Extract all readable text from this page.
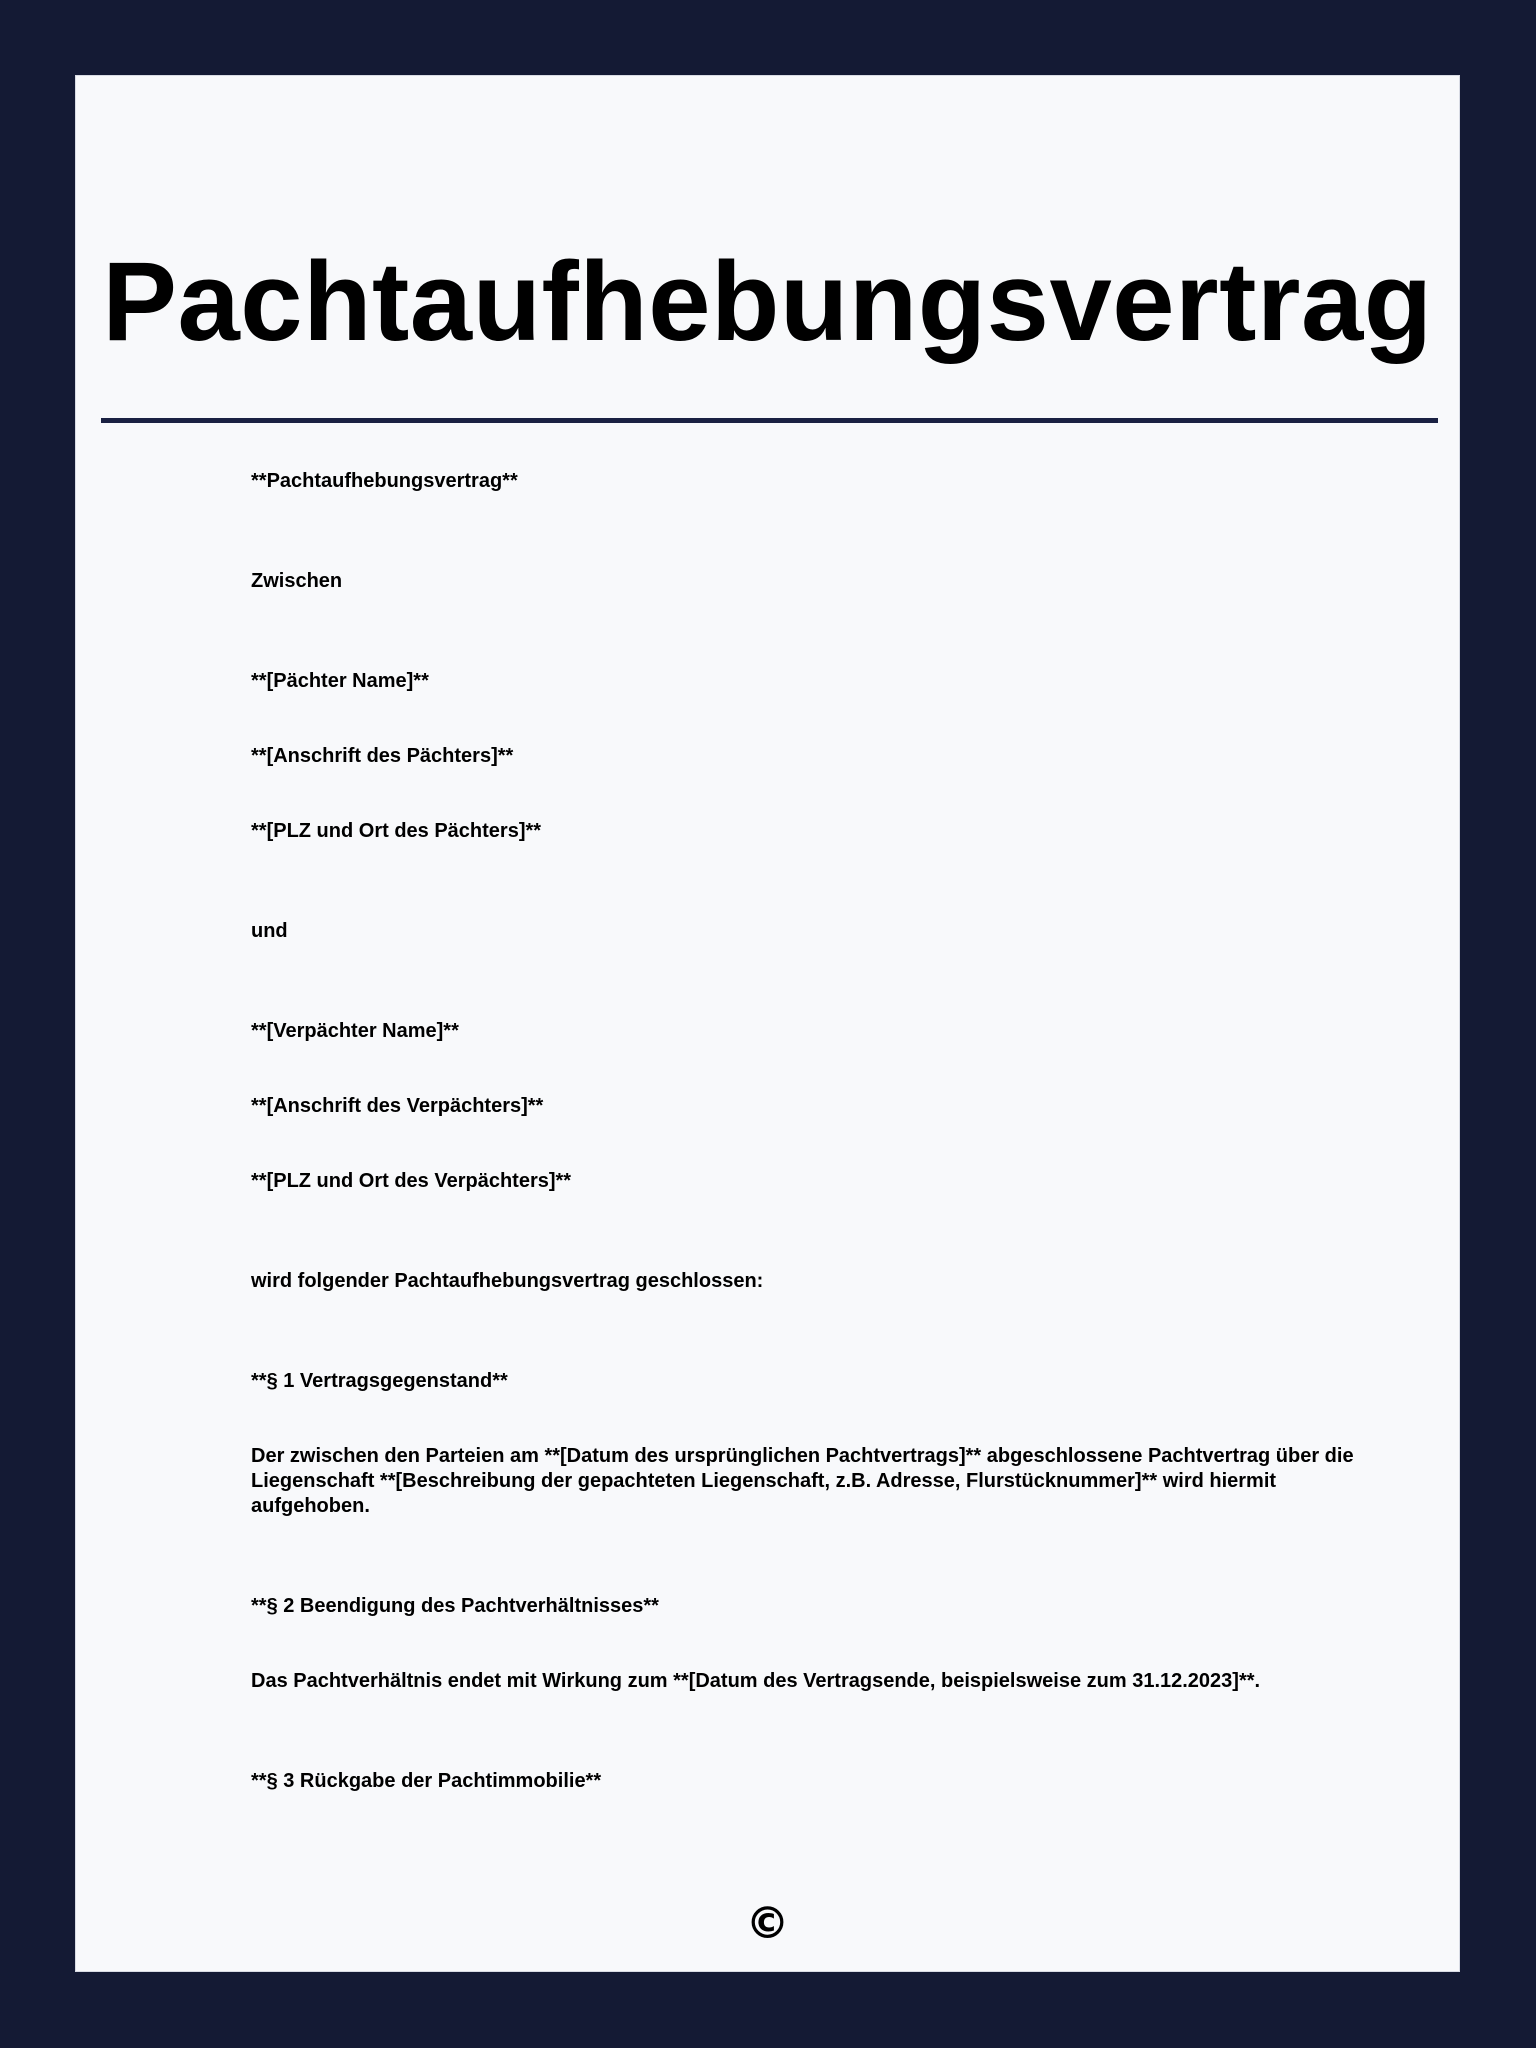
Pachtaufhebungsvertrag

**Pachtaufhebungsvertrag**

Zwischen

**[Pächter Name]**

**[Anschrift des Pächters]**

**[PLZ und Ort des Pächters]**

und

**[Verpächter Name]**

**[Anschrift des Verpächters]**

**[PLZ und Ort des Verpächters]**

wird folgender Pachtaufhebungsvertrag geschlossen:

**§ 1 Vertragsgegenstand**

Der zwischen den Parteien am **[Datum des ursprünglichen Pachtvertrags]** abgeschlossene Pachtvertrag über die Liegenschaft **[Beschreibung der gepachteten Liegenschaft, z.B. Adresse, Flurstücknummer]** wird hiermit aufgehoben.

**§ 2 Beendigung des Pachtverhältnisses**

Das Pachtverhältnis endet mit Wirkung zum **[Datum des Vertragsende, beispielsweise zum 31.12.2023]**.

**§ 3 Rückgabe der Pachtimmobilie**

©
